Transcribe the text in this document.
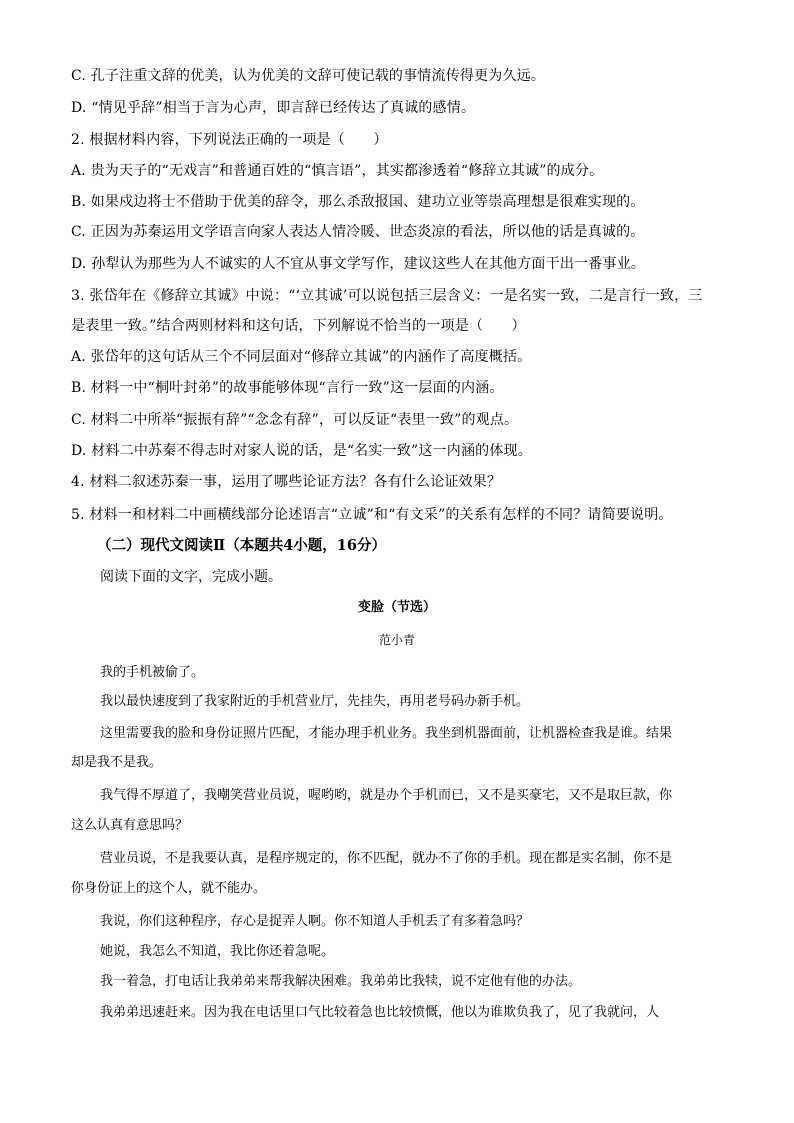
C. 孔子注重文辞的优美，认为优美的文辞可使记载的事情流传得更为久远。
D. “情见乎辞”相当于言为心声，即言辞已经传达了真诚的感情。
2. 根据材料内容，下列说法正确的一项是（　　）
A. 贵为天子的“无戏言”和普通百姓的“慎言语”，其实都渗透着“修辞立其诚”的成分。
B. 如果戍边将士不借助于优美的辞令，那么杀敌报国、建功立业等崇高理想是很难实现的。
C. 正因为苏秦运用文学语言向家人表达人情冷暖、世态炎凉的看法，所以他的话是真诚的。
D. 孙犁认为那些为人不诚实的人不宜从事文学写作，建议这些人在其他方面干出一番事业。
3. 张岱年在《修辞立其诚》中说：“‘立其诚’可以说包括三层含义：一是名实一致，二是言行一致，三
是表里一致。”结合两则材料和这句话，下列解说不恰当的一项是（　　）
A. 张岱年的这句话从三个不同层面对“修辞立其诚”的内涵作了高度概括。
B. 材料一中“桐叶封弟”的故事能够体现“言行一致”这一层面的内涵。
C. 材料二中所举“振振有辞”“念念有辞”，可以反证“表里一致”的观点。
D. 材料二中苏秦不得志时对家人说的话，是“名实一致”这一内涵的体现。
4. 材料二叙述苏秦一事，运用了哪些论证方法？各有什么论证效果？
5. 材料一和材料二中画横线部分论述语言“立诚”和“有文采”的关系有怎样的不同？请简要说明。
（二）现代文阅读Ⅱ（本题共4小题，16分）
阅读下面的文字，完成小题。
变脸（节选）
范小青
我的手机被偷了。
我以最快速度到了我家附近的手机营业厅，先挂失，再用老号码办新手机。
这里需要我的脸和身份证照片匹配，才能办理手机业务。我坐到机器面前，让机器检查我是谁。结果
却是我不是我。
我气得不厚道了，我嘲笑营业员说，喔哟哟，就是办个手机而已，又不是买豪宅，又不是取巨款，你
这么认真有意思吗？
营业员说，不是我要认真，是程序规定的，你不匹配，就办不了你的手机。现在都是实名制，你不是
你身份证上的这个人，就不能办。
我说，你们这种程序，存心是捉弄人啊。你不知道人手机丢了有多着急吗？
她说，我怎么不知道，我比你还着急呢。
我一着急，打电话让我弟弟来帮我解决困难。我弟弟比我犊，说不定他有他的办法。
我弟弟迅速赶来。因为我在电话里口气比较着急也比较愤慨，他以为谁欺负我了，见了我就问，人
